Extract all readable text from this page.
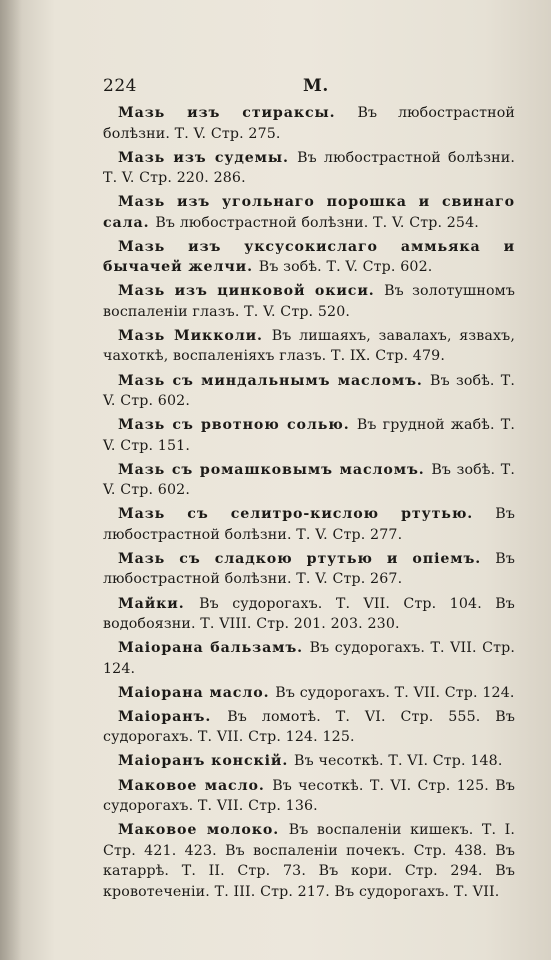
224	М.

Мазь изъ стираксы. Въ любострастной болѣзни. Т. V. Стр. 275.

Мазь изъ судемы. Въ любострастной болѣзни. Т. V. Стр. 220. 286.

Мазь изъ угольнаго порошка и свинаго сала. Въ любострастной болѣзни. Т. V. Стр. 254.

Мазь изъ уксусокислаго аммьяка и бычачей желчи. Въ зобѣ. Т. V. Стр. 602.

Мазь изъ цинковой окиси. Въ золотушномъ воспаленіи глазъ. Т. V. Стр. 520.

Мазь Микколи. Въ лишаяхъ, завалахъ, язвахъ, чахоткѣ, воспаленіяхъ глазъ. Т. IX. Стр. 479.

Мазь съ миндальнымъ масломъ. Въ зобѣ. Т. V. Стр. 602.

Мазь съ рвотною солью. Въ грудной жабѣ. Т. V. Стр. 151.

Мазь съ ромашковымъ масломъ. Въ зобѣ. Т. V. Стр. 602.

Мазь съ селитро-кислою ртутью. Въ любострастной болѣзни. Т. V. Стр. 277.

Мазь съ сладкою ртутью и опіемъ. Въ любострастной болѣзни. Т. V. Стр. 267.

Майки. Въ судорогахъ. Т. VII. Стр. 104. Въ водобоязни. Т. VIII. Стр. 201. 203. 230.

Маіорана бальзамъ. Въ судорогахъ. Т. VII. Стр. 124.

Маіорана масло. Въ судорогахъ. Т. VII. Стр. 124.

Маіоранъ. Въ ломотѣ. Т. VI. Стр. 555. Въ судорогахъ. Т. VII. Стр. 124. 125.

Маіоранъ конскій. Въ чесоткѣ. Т. VI. Стр. 148.

Маковое масло. Въ чесоткѣ. Т. VI. Стр. 125. Въ судорогахъ. Т. VII. Стр. 136.

Маковое молоко. Въ воспаленіи кишекъ. Т. I. Стр. 421. 423. Въ воспаленіи почекъ. Стр. 438. Въ катаррѣ. Т. II. Стр. 73. Въ кори. Стр. 294. Въ кровотеченіи. Т. III. Стр. 217. Въ судорогахъ. Т. VII.
